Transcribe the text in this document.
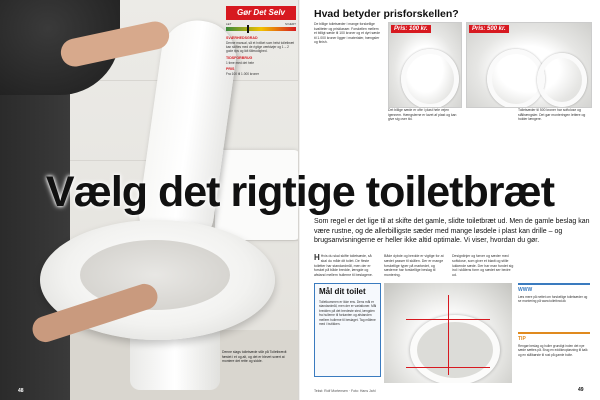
Gør Det Selv
LET	SVÆRT
SVÆRHEDSGRAD
Denne manual, så et hvilket som helst toiletbræt kan skiftes med de rigtige værktøjer og 1 – 2 gode tips og lidt tålmodighed.
TIDSFORBRUG
1 time med det hele
PRIS
Fra 100 til 1.000 kroner
Denne slags toiletsæde står på Toiletbrædt fæstet i et og alt, og det er blevet svært at montere det rette og sidde.
48
Hvad betyder prisforskellen?
De billige toiletsæder i mange forskellige kvaliteter og prisklasser. Forskellen mellem et billigt sæde til 100 kroner og et dyrt sæde til 1.000 kroner ligger i materialer, hængsler og finish.
Pris: 100 kr.
Det billige sæde er ofte i plast hele vejen igennem. Hængslerne er lavet af plast og kan give sig over tid.
Pris: 500 kr.
Toiletsæder til 500 kroner har softclose og stålhængsler. Det gør monteringen lettere og holder længere.
Som regel er det lige til at skifte det gamle, slidte toiletbræt ud. Men de gamle beslag kan være rustne, og de allerbilligste sæder med mange løsdele i plast kan drille – og brugsanvisningerne er heller ikke altid optimale. Vi viser, hvordan du gør.
H Hvis du skal skifte toiletsæde, så skal du måle dit toilet. De fleste toiletter har standardmål, men der er forskel på både bredde, længde og afstand mellem hullerne til beslagene.
Både dybde og bredde er vigtige for at sædet passer til skålen. Der er mange forskellige typer på markedet, og sæderne har forskellige beslag til montering.
Designlinjer og farver og sæder med softclose, som giver et blødt og stille lukkende sæde. Der har man fundet sig ind i skålens form og sædet ser bedre ud.
Mål dit toilet
Toiletkummen er ikke ens. Dens mål er standardmål, men der er variationer. Mål bredden på det bredeste sted, længden fra hullerne til forkanten og afstanden mellem hullerne til beslaget. Tag målene med i butikken.
WWW
Læs mere på nettet om forskellige toiletsæder og se montering på www.toiletbrat.dk
TIP
Rengør beslag og huller grundigt inden det nye sæde sættes på. Brug en eddikeopløsning til kalk og en stålbørste til rust på gamle bolte.
Tekst: Rolf Mortensen · Foto: Hans Jahl	49
Vælg det rigtige toiletbræt
